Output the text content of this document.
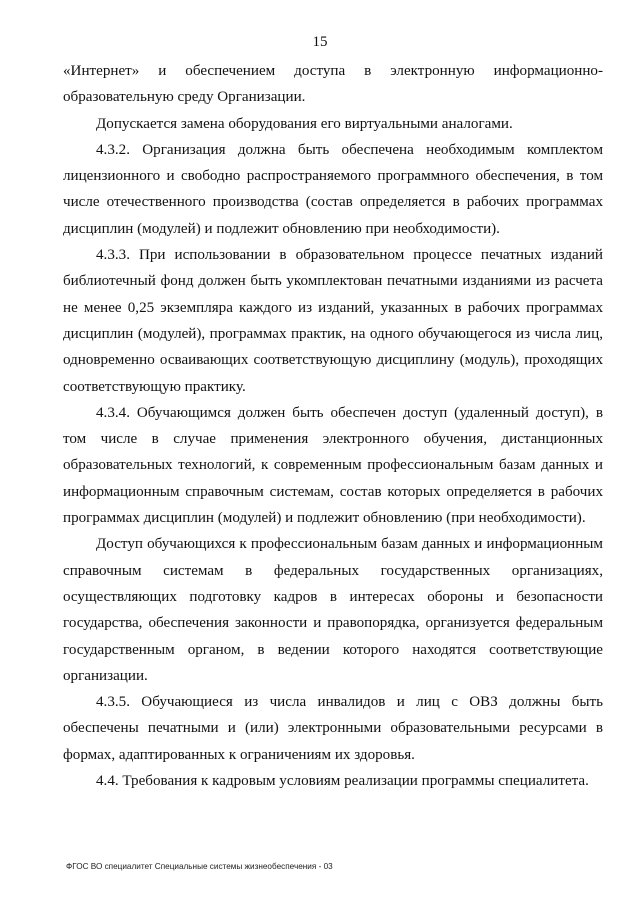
15

«Интернет» и обеспечением доступа в электронную информационно-образовательную среду Организации.

Допускается замена оборудования его виртуальными аналогами.

4.3.2. Организация должна быть обеспечена необходимым комплектом лицензионного и свободно распространяемого программного обеспечения, в том числе отечественного производства (состав определяется в рабочих программах дисциплин (модулей) и подлежит обновлению при необходимости).

4.3.3. При использовании в образовательном процессе печатных изданий библиотечный фонд должен быть укомплектован печатными изданиями из расчета не менее 0,25 экземпляра каждого из изданий, указанных в рабочих программах дисциплин (модулей), программах практик, на одного обучающегося из числа лиц, одновременно осваивающих соответствующую дисциплину (модуль), проходящих соответствующую практику.

4.3.4. Обучающимся должен быть обеспечен доступ (удаленный доступ), в том числе в случае применения электронного обучения, дистанционных образовательных технологий, к современным профессиональным базам данных и информационным справочным системам, состав которых определяется в рабочих программах дисциплин (модулей) и подлежит обновлению (при необходимости).

Доступ обучающихся к профессиональным базам данных и информационным справочным системам в федеральных государственных организациях, осуществляющих подготовку кадров в интересах обороны и безопасности государства, обеспечения законности и правопорядка, организуется федеральным государственным органом, в ведении которого находятся соответствующие организации.

4.3.5. Обучающиеся из числа инвалидов и лиц с ОВЗ должны быть обеспечены печатными и (или) электронными образовательными ресурсами в формах, адаптированных к ограничениям их здоровья.

4.4. Требования к кадровым условиям реализации программы специалитета.

ФГОС ВО специалитет Специальные системы жизнеобеспечения - 03
